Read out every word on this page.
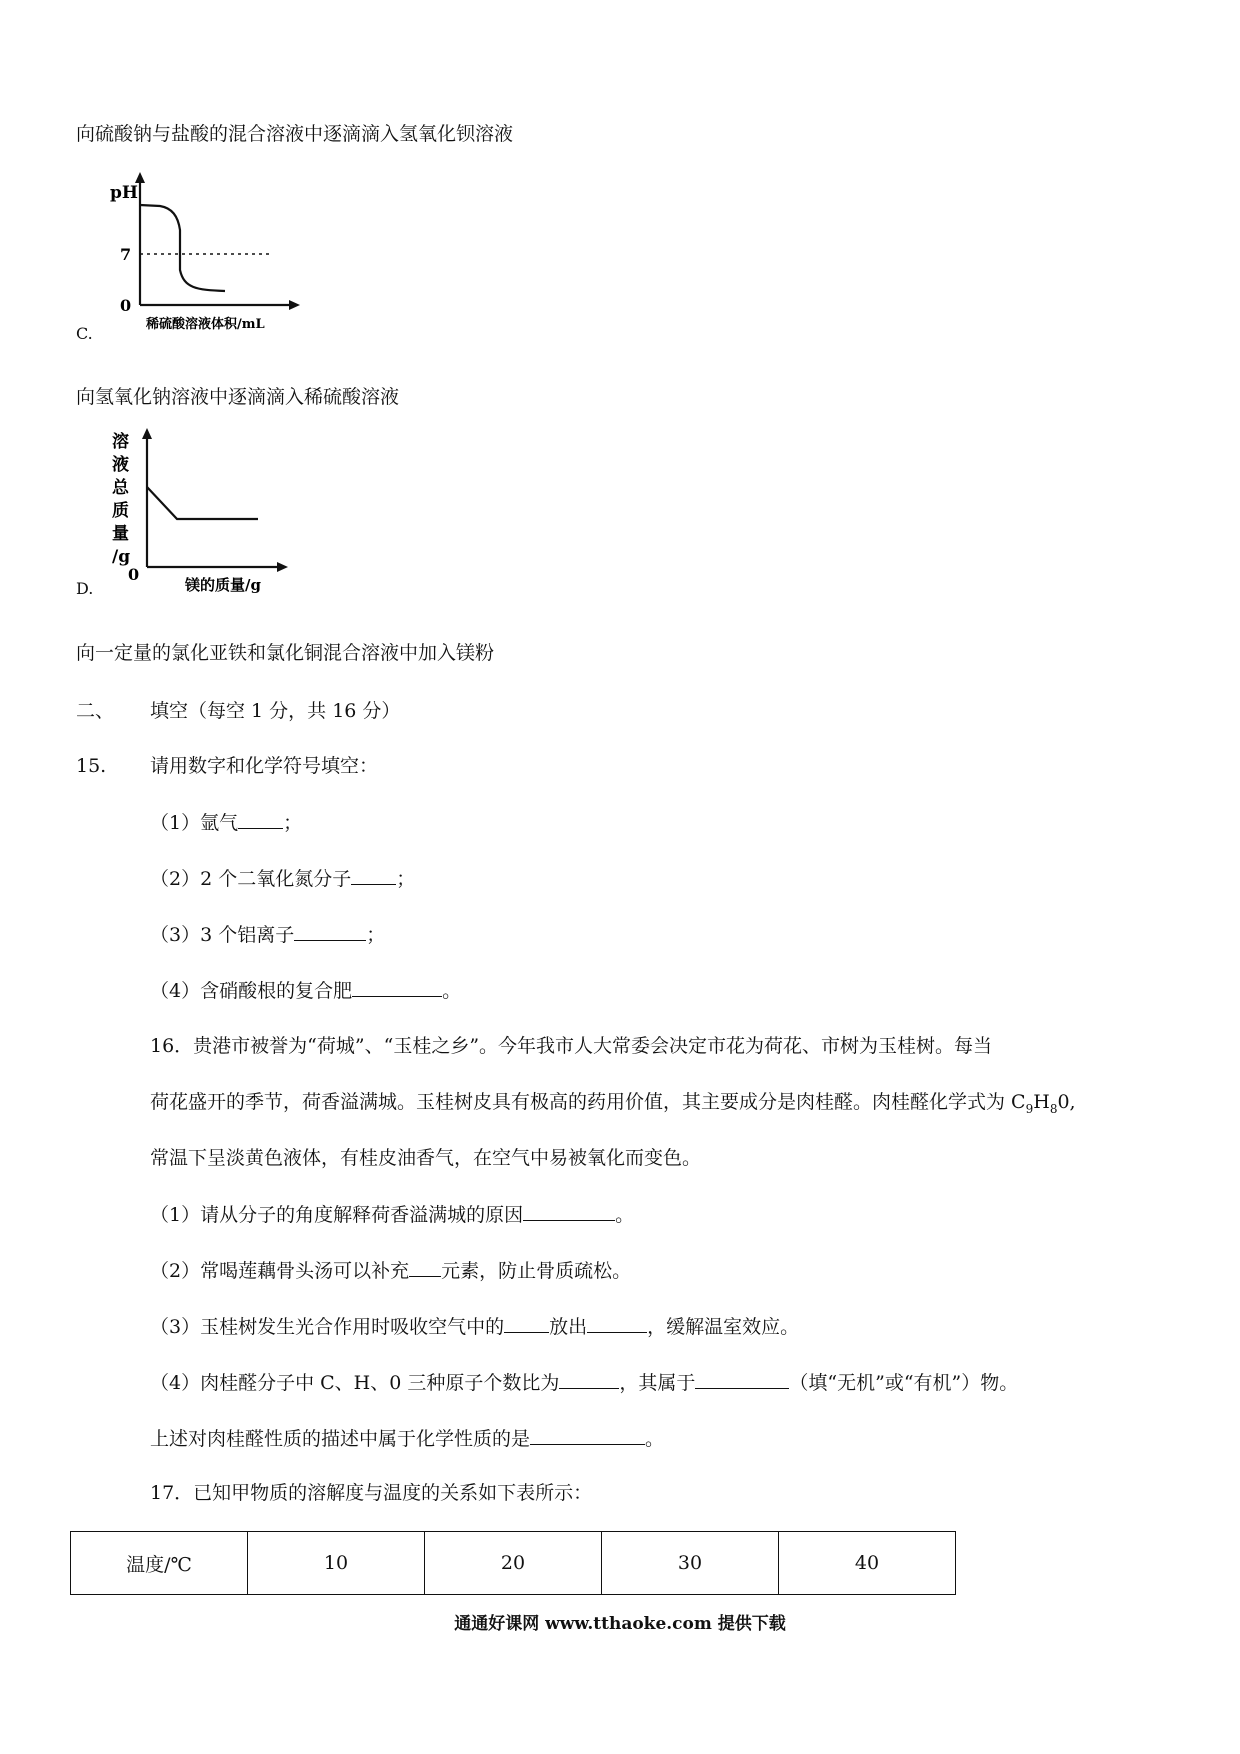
向硫酸钠与盐酸的混合溶液中逐滴滴入氢氧化钡溶液
pH
7
0
稀硫酸溶液体积/mL
C.
向氢氧化钠溶液中逐滴滴入稀硫酸溶液
溶
液
总
质
量
/g
0
镁的质量/g
D.
向一定量的氯化亚铁和氯化铜混合溶液中加入镁粉
二、 填空（每空 1 分，共 16 分）
15. 请用数字和化学符号填空：
（1）氩气 ；
（2）2 个二氧化氮分子 ；
（3）3 个铝离子	；
（4）含硝酸根的复合肥	。
16．贵港市被誉为“荷城”、“玉桂之乡”。今年我市人大常委会决定市花为荷花、市树为玉桂树。每当
荷花盛开的季节，荷香溢满城。玉桂树皮具有极高的药用价值，其主要成分是肉桂醛。肉桂醛化学式为 $C_9H_80$,
常温下呈淡黄色液体，有桂皮油香气，在空气中易被氧化而变色。
（1）请从分子的角度解释荷香溢满城的原因	。
（2）常喝莲藕骨头汤可以补充 元素，防止骨质疏松。
（3）玉桂树发生光合作用时吸收空气中的 放出	，缓解温室效应。
（4）肉桂醛分子中 C、H、0 三种原子个数比为	，其属于	（填“无机”或“有机”）物。
上述对肉桂醛性质的描述中属于化学性质的是	。
17．已知甲物质的溶解度与温度的关系如下表所示：
温度/℃	10	20	30	40
通通好课网 www.tthaoke.com 提供下载
